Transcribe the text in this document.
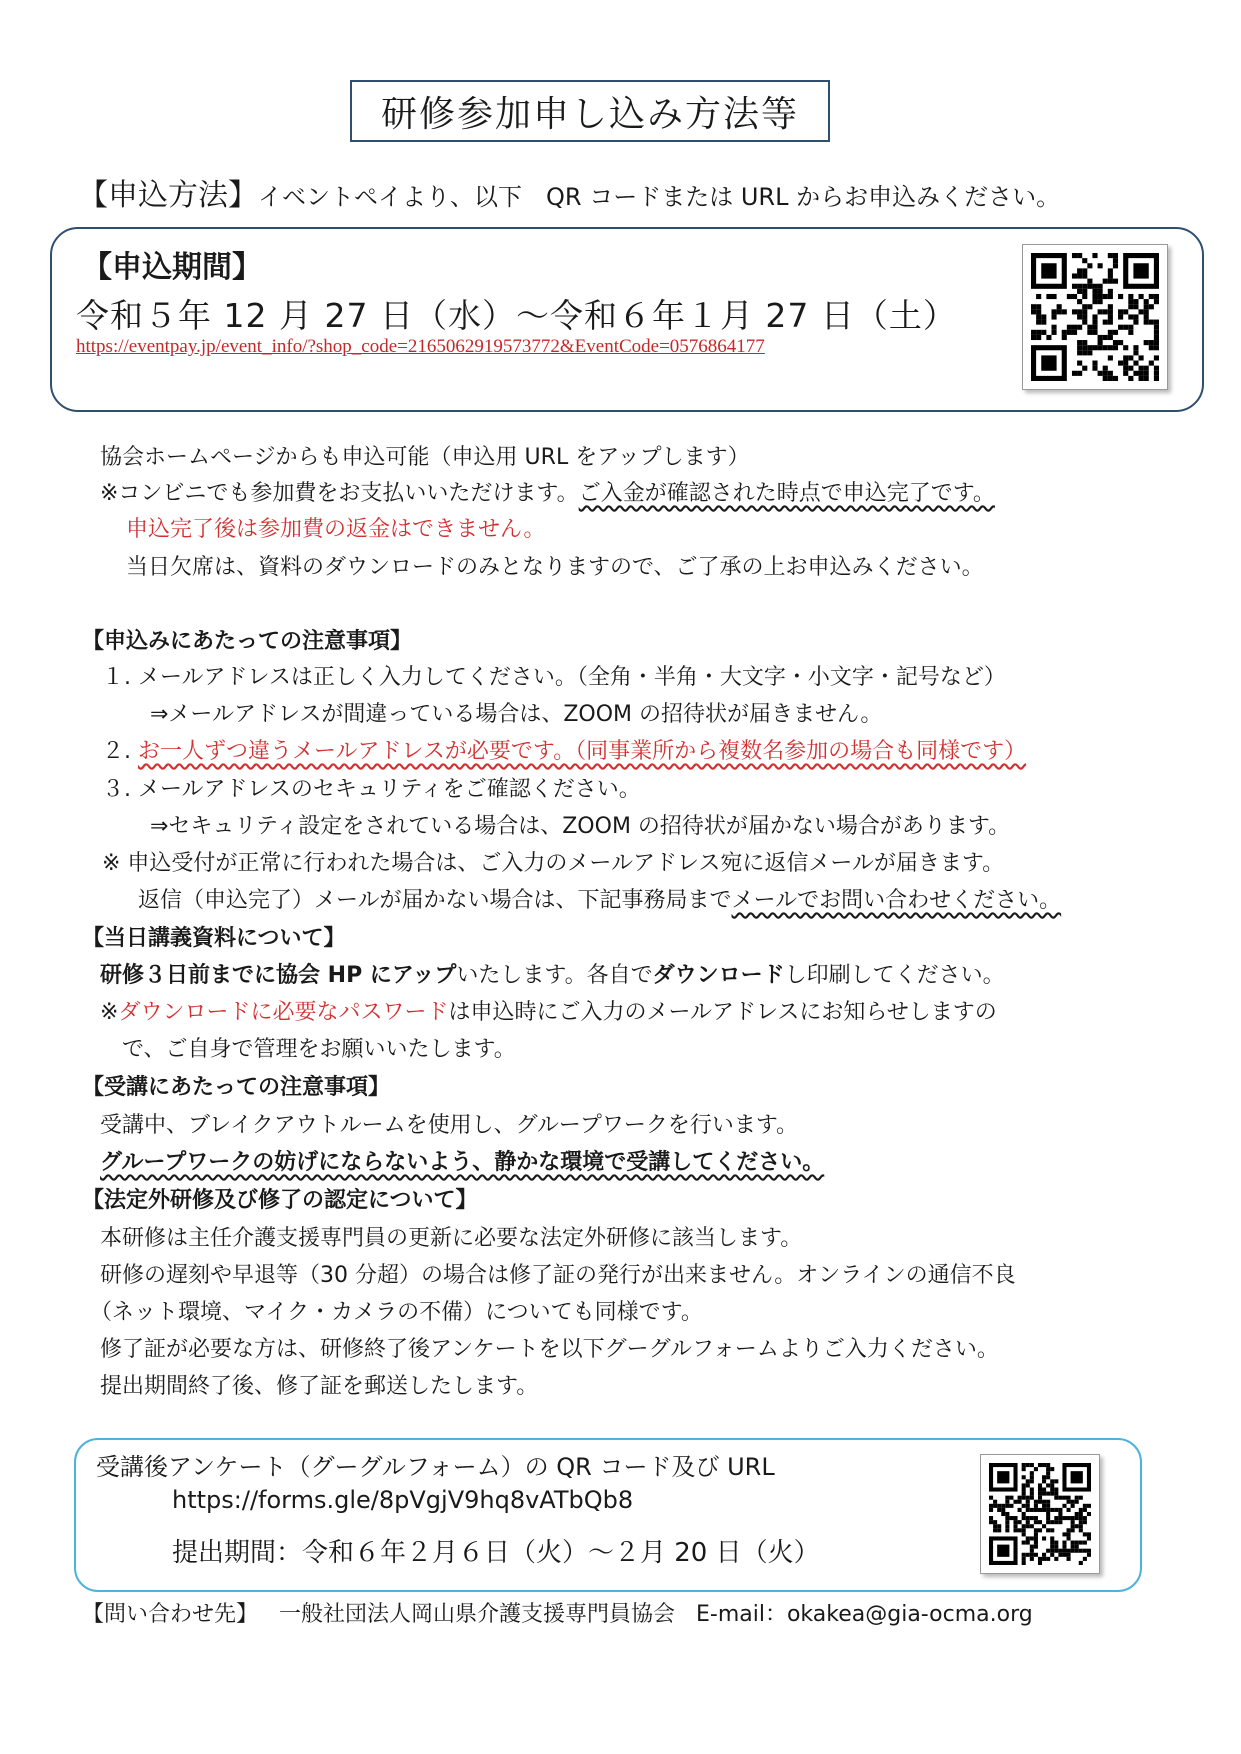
研修参加申し込み方法等
【申込方法】イベントペイより、以下　QR コードまたは URL からお申込みください。
【申込期間】
令和５年 12 月 27 日（水）～令和６年１月 27 日（土）
https://eventpay.jp/event_info/?shop_code=2165062919573772&EventCode=0576864177
協会ホームページからも申込可能（申込用 URL をアップします）
※コンビニでも参加費をお支払いいただけます。ご入金が確認された時点で申込完了です。
申込完了後は参加費の返金はできません。
当日欠席は、資料のダウンロードのみとなりますので、ご了承の上お申込みください。
【申込みにあたっての注意事項】
１. メールアドレスは正しく入力してください。（全角・半角・大文字・小文字・記号など）
⇒メールアドレスが間違っている場合は、ZOOM の招待状が届きません。
２. お一人ずつ違うメールアドレスが必要です。（同事業所から複数名参加の場合も同様です）
３. メールアドレスのセキュリティをご確認ください。
⇒セキュリティ設定をされている場合は、ZOOM の招待状が届かない場合があります。
※ 申込受付が正常に行われた場合は、ご入力のメールアドレス宛に返信メールが届きます。
返信（申込完了）メールが届かない場合は、下記事務局までメールでお問い合わせください。
【当日講義資料について】
研修３日前までに協会 HP にアップいたします。各自でダウンロードし印刷してください。
※ダウンロードに必要なパスワードは申込時にご入力のメールアドレスにお知らせしますの
で、ご自身で管理をお願いいたします。
【受講にあたっての注意事項】
受講中、ブレイクアウトルームを使用し、グループワークを行います。
グループワークの妨げにならないよう、静かな環境で受講してください。
【法定外研修及び修了の認定について】
本研修は主任介護支援専門員の更新に必要な法定外研修に該当します。
研修の遅刻や早退等（30 分超）の場合は修了証の発行が出来ません。オンラインの通信不良
（ネット環境、マイク・カメラの不備）についても同様です。
修了証が必要な方は、研修終了後アンケートを以下グーグルフォームよりご入力ください。
提出期間終了後、修了証を郵送したします。
受講後アンケート（グーグルフォーム）の QR コード及び URL
https://forms.gle/8pVgjV9hq8vATbQb8
提出期間：令和６年２月６日（火）～２月 20 日（火）
【問い合わせ先】 一般社団法人岡山県介護支援専門員協会 E-mail：okakea@gia-ocma.org
